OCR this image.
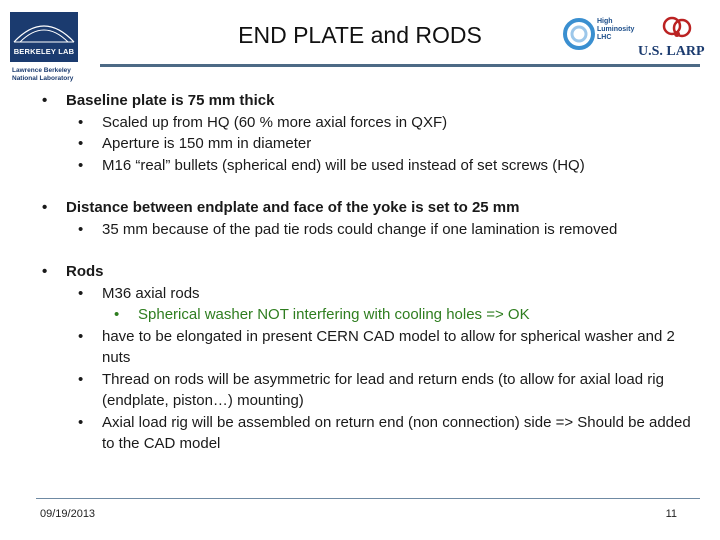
BERKELEY LAB
Lawrence Berkeley
National Laboratory
END PLATE and RODS
High
Luminosity
LHC
U.S. LARP
• Baseline plate is 75 mm thick
• Scaled up from HQ (60 % more axial forces in QXF)
• Aperture is 150 mm in diameter
• M16 “real” bullets (spherical end) will be used instead of set screws (HQ)
• Distance between endplate and face of the yoke is set to 25 mm
• 35 mm because of the pad tie rods could change if one lamination is removed
• Rods
• M36 axial rods
• Spherical washer NOT interfering with cooling holes => OK
• have to be elongated in present CERN CAD model to allow for spherical washer and 2 nuts
• Thread on rods will be asymmetric for lead and return ends (to allow for axial load rig (endplate, piston…) mounting)
• Axial load rig will be assembled on return end (non connection) side => Should be added to the CAD model
09/19/2013	11
